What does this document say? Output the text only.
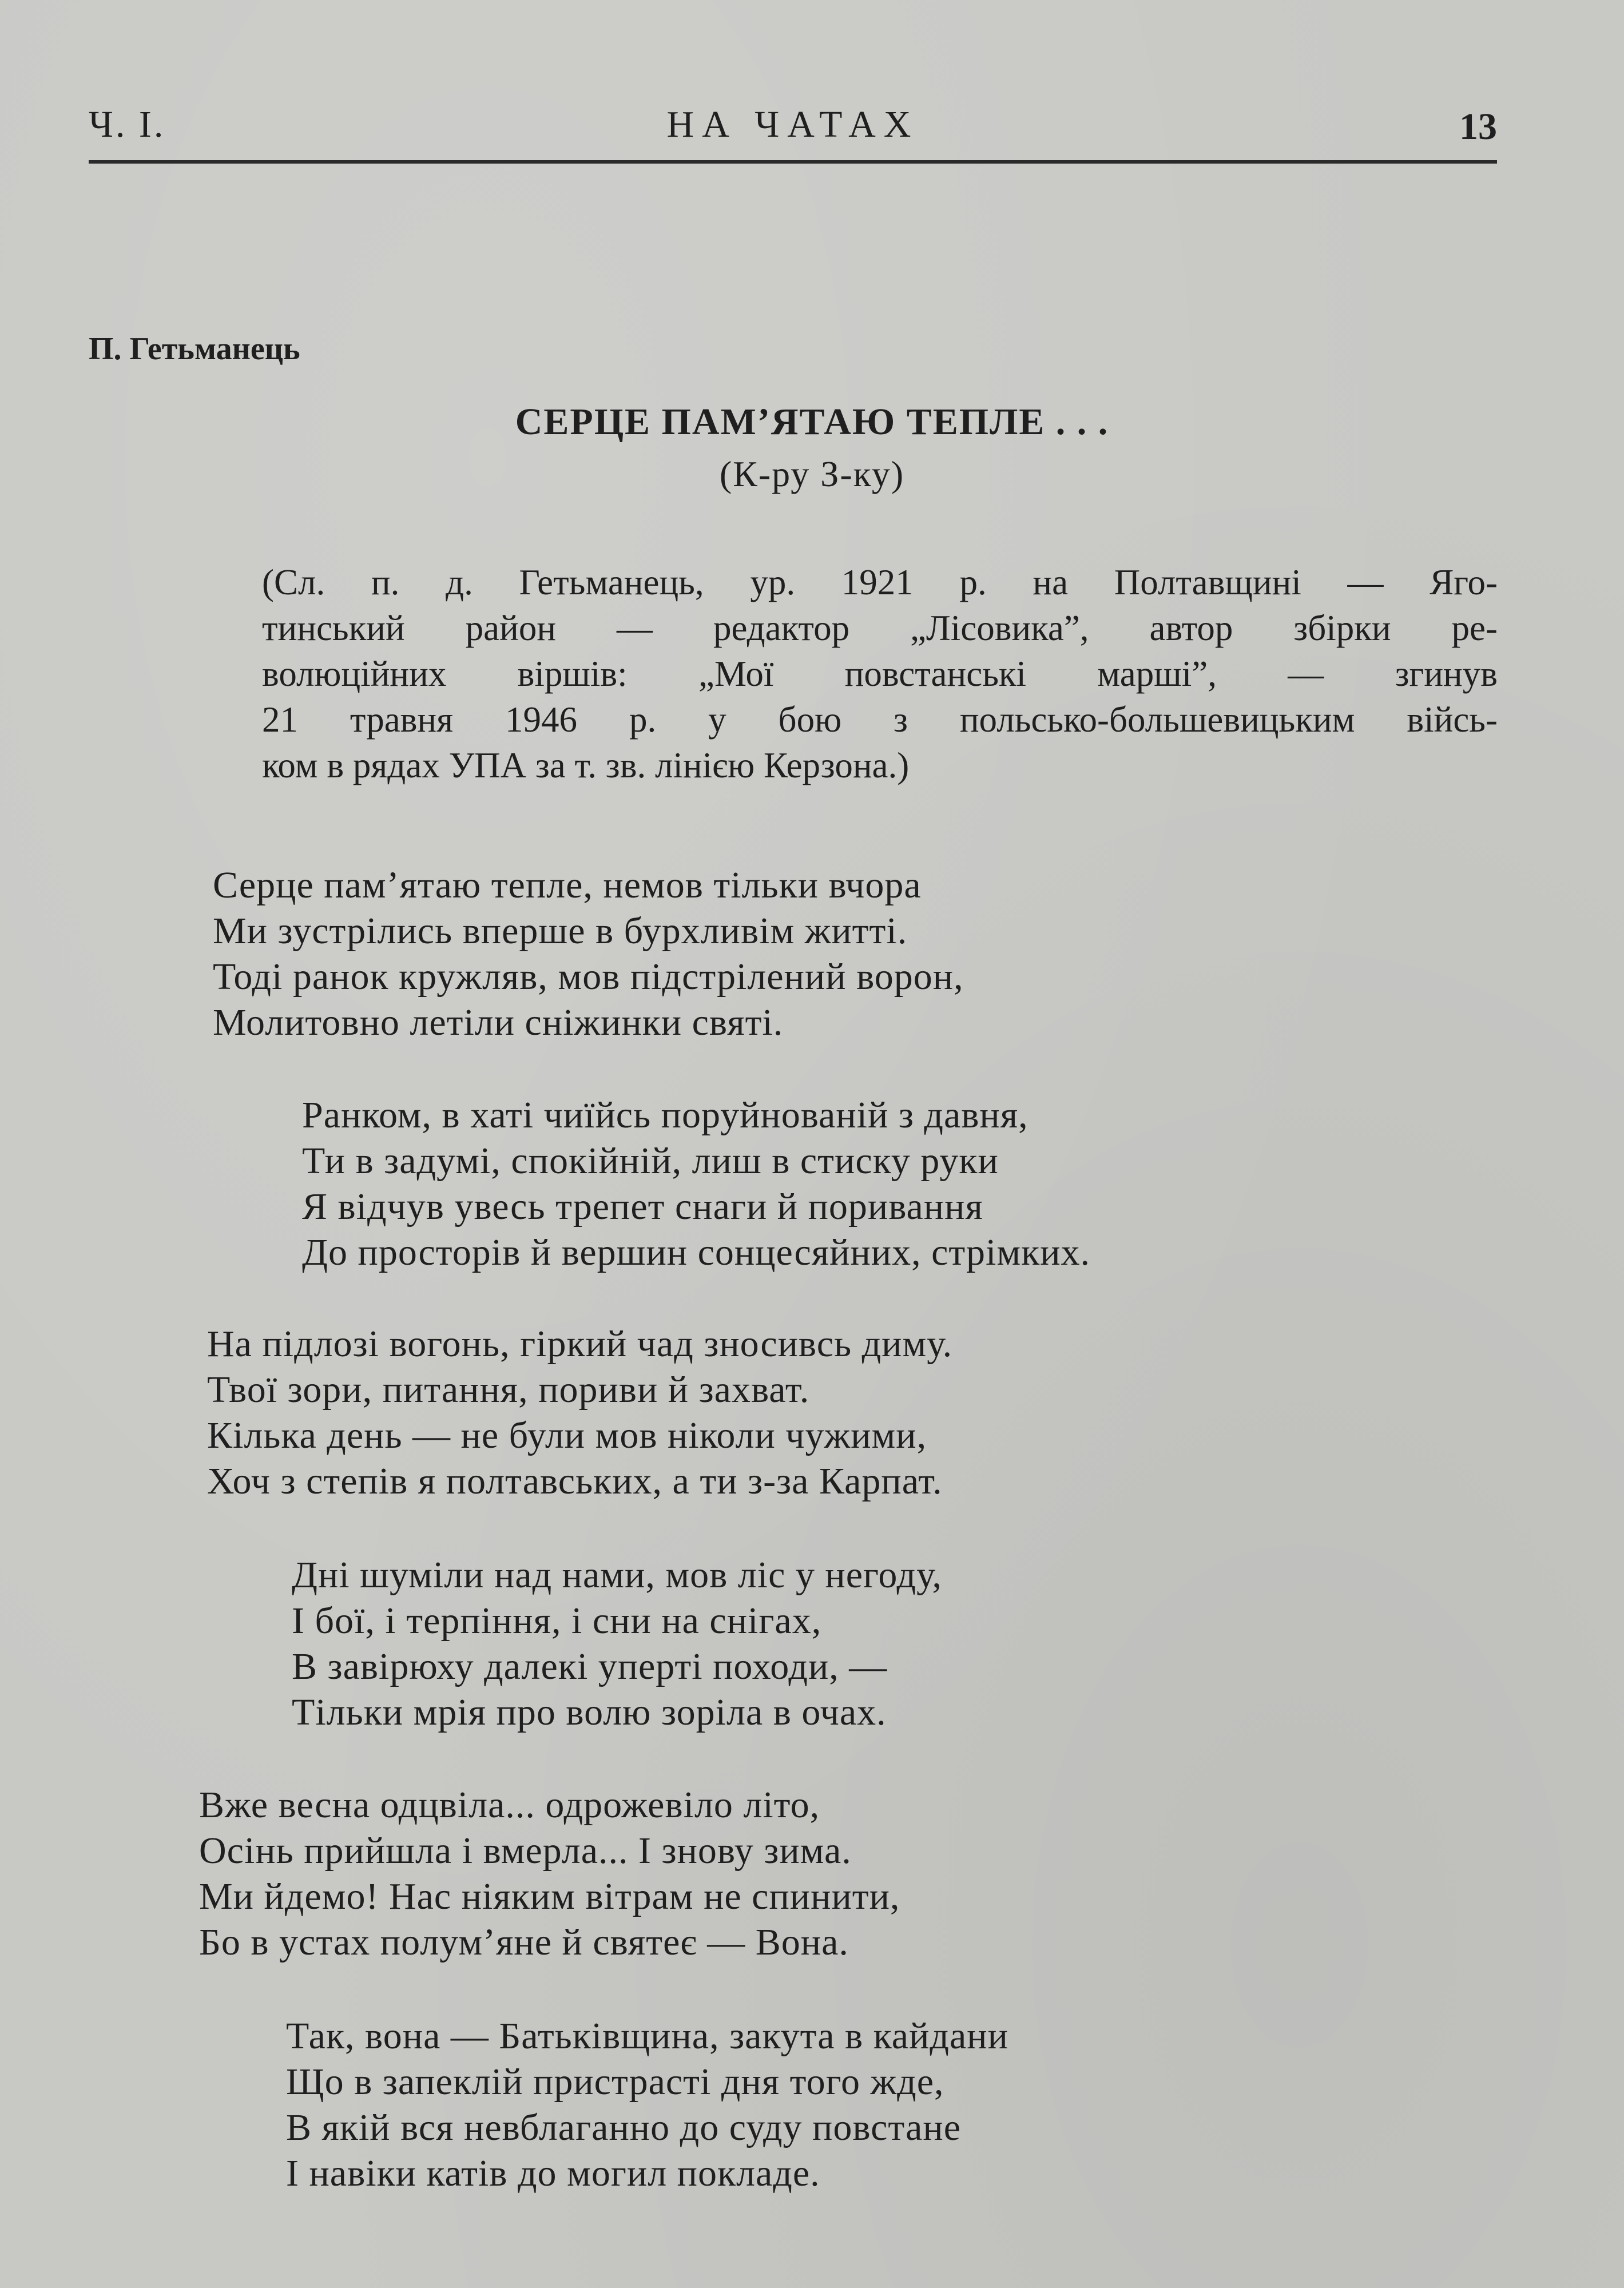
Ч. І.	НА ЧАТАХ	13
П. Гетьманець
СЕРЦЕ ПАМ’ЯТАЮ ТЕПЛЕ . . .
(К-ру З-ку)
(Сл. п. д. Гетьманець, ур. 1921 р. на Полтавщині — Яго-
тинський район — редактор „Лісовика”, автор збірки ре-
волюційних віршів: „Мої повстанські марші”, — згинув
21 травня 1946 р. у бою з польсько-большевицьким війсь-
ком в рядах УПА за т. зв. лінією Керзона.)
Серце пам’ятаю тепле, немов тільки вчора
Ми зустрілись вперше в бурхливім житті.
Тоді ранок кружляв, мов підстрілений ворон,
Молитовно летіли сніжинки святі.
Ранком, в хаті чиїйсь поруйнованій з давня,
Ти в задумі, спокійній, лиш в стиску руки
Я відчув увесь трепет снаги й поривання
До просторів й вершин сонцесяйних, стрімких.
На підлозі вогонь, гіркий чад зносивсь диму.
Твої зори, питання, пориви й захват.
Кілька день — не були мов ніколи чужими,
Хоч з степів я полтавських, а ти з-за Карпат.
Дні шуміли над нами, мов ліс у негоду,
І бої, і терпіння, і сни на снігах,
В завірюху далекі уперті походи, —
Тільки мрія про волю зоріла в очах.
Вже весна одцвіла... одрожевіло літо,
Осінь прийшла і вмерла... І знову зима.
Ми йдемо! Нас ніяким вітрам не спинити,
Бо в устах полум’яне й святеє — Вона.
Так, вона — Батьківщина, закута в кайдани
Що в запеклій пристрасті дня того жде,
В якій вся невблаганно до суду повстане
І навіки катів до могил покладе.
